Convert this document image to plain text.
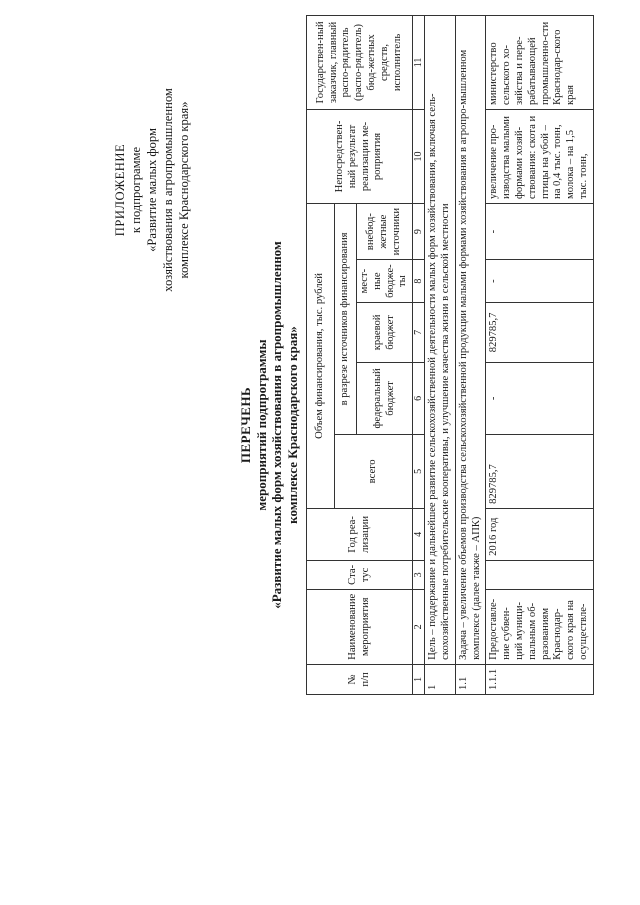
ПРИЛОЖЕНИЕ к подпрограмме «Развитие малых форм хозяйствования в агропромышленном комплексе Краснодарского края»
ПЕРЕЧЕНЬ мероприятий подпрограммы «Развитие малых форм хозяйствования в агропромышленном комплексе Краснодарского края»
№ п/п	Наименование мероприятия	Ста-тус	Год реа-лизации	Объем финансирования, тыс. рублей					Непосредствен-ный результат реализации ме-роприятия	Государствен-ный заказчик, главный распо-рядитель (распо-рядитель) бюд-жетных средств, исполнитель
				всего	в разрезе источников финансирования					
					федеральный бюджет	краевой бюджет	мест-ные бюдже-ты	внебюд-жетные источники		
1	2	3	4	5	6	7	8	9	10	11
1	Цель – поддержание и дальнейшее развитие сельскохозяйственной деятельности малых форм хозяйствования, включая сель-скохозяйственные потребительские кооперативы, и улучшение качества жизни в сельской местности									
1.1	Задача – увеличение объемов производства сельскохозяйственной продукции малыми формами хозяйствования в агропро-мышленном комплексе (далее также – АПК)									
1.1.1	Предоставле-ние субвен-ций муници-пальным об-разованиям Краснодар-ского края на осуществле-		2016 год	829785,7	-	829785,7	-	-	увеличение про-изводства малыми формами хозяй-ствования: скота и птицы на убой – на 0,4 тыс. тонн, молока – на 1,5 тыс. тонн,	министерство сельского хо-зяйства и пере-рабатывающей промышленно-сти Краснодар-ского края
